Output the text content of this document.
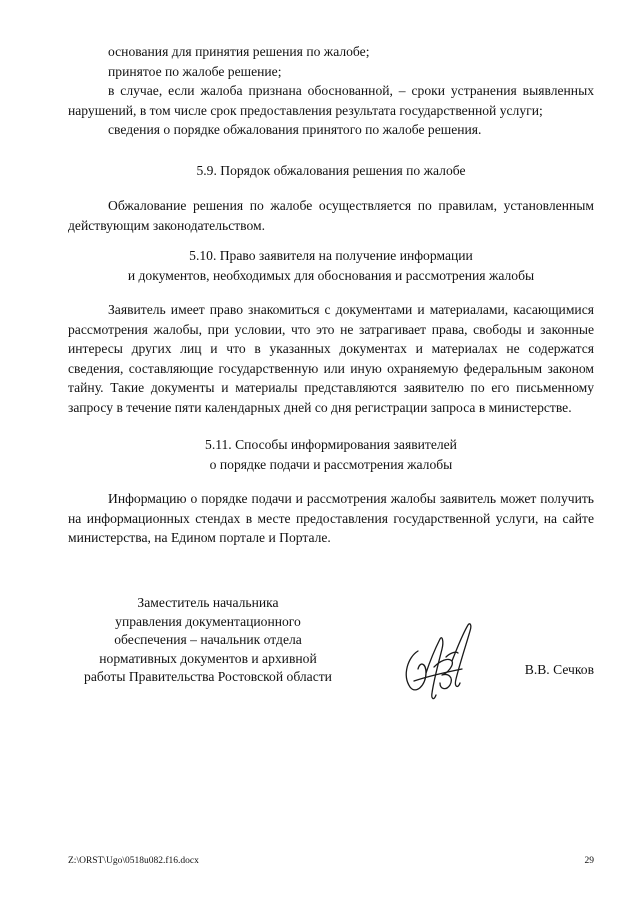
основания для принятия решения по жалобе;

принятое по жалобе решение;

в случае, если жалоба признана обоснованной, – сроки устранения выявленных нарушений, в том числе срок предоставления результата государственной услуги;

сведения о порядке обжалования принятого по жалобе решения.

5.9. Порядок обжалования решения по жалобе

Обжалование решения по жалобе осуществляется по правилам, установленным действующим законодательством.

5.10. Право заявителя на получение информации
и документов, необходимых для обоснования и рассмотрения жалобы

Заявитель имеет право знакомиться с документами и материалами, касающимися рассмотрения жалобы, при условии, что это не затрагивает права, свободы и законные интересы других лиц и что в указанных документах и материалах не содержатся сведения, составляющие государственную или иную охраняемую федеральным законом тайну. Такие документы и материалы представляются заявителю по его письменному запросу в течение пяти календарных дней со дня регистрации запроса в министерстве.

5.11. Способы информирования заявителей
о порядке подачи и рассмотрения жалобы

Информацию о порядке подачи и рассмотрения жалобы заявитель может получить на информационных стендах в месте предоставления государственной услуги, на сайте министерства, на Едином портале и Портале.

Заместитель начальника
управления документационного
обеспечения – начальник отдела
нормативных документов и архивной
работы Правительства Ростовской области	В.В. Сечков
Z:\ORST\Ugo\0518u082.f16.docx	29
